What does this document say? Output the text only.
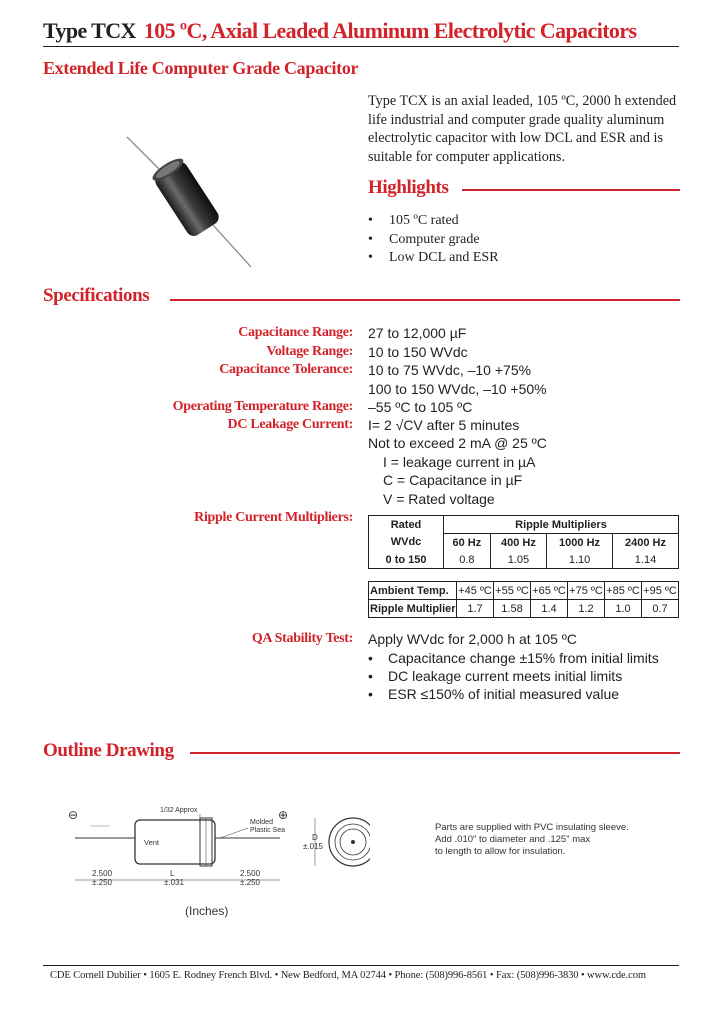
Type TCX 105 ºC, Axial Leaded Aluminum Electrolytic Capacitors
Extended Life Computer Grade Capacitor
Type TCX is an axial leaded, 105 ºC, 2000 h extended life industrial and computer grade quality aluminum electrolytic capacitor with low DCL and ESR and is suitable for computer applications.
Highlights
• 105 ºC rated
• Computer grade
• Low DCL and ESR
Specifications
Capacitance Range: 27 to 12,000 µF
Voltage Range: 10 to 150 WVdc
Capacitance Tolerance: 10 to 75 WVdc, –10 +75%
100 to 150 WVdc, –10 +50%
Operating Temperature Range: –55 ºC to 105 ºC
DC Leakage Current: I= 2 √CV after 5 minutes
Not to exceed 2 mA @ 25 ºC
I = leakage current in µA
C = Capacitance in µF
V = Rated voltage
Ripple Current Multipliers:	Rated	Ripple Multipliers			
WVdc	60 Hz	400 Hz	1000 Hz	2400 Hz
0 to 150	0.8	1.05	1.10	1.14
Ambient Temp.	+45 ºC	+55 ºC	+65 ºC	+75 ºC	+85 ºC	+95 ºC
Ripple Multiplier	1.7	1.58	1.4	1.2	1.0	0.7
QA Stability Test: Apply WVdc for 2,000 h at 105 ºC
• Capacitance change ±15% from initial limits
• DC leakage current meets initial limits
• ESR ≤150% of initial measured value
Outline Drawing
⊖	⊕
Vent
1/32 Approx
Molded
Plastic Sea
2.500
±.250
L
±.031
2.500
±.250
D
±.015
Parts are supplied with PVC insulating sleeve.
Add .010" to diameter and .125" max
to length to allow for insulation.
(Inches)
CDE Cornell Dubilier • 1605 E. Rodney French Blvd. • New Bedford, MA 02744 • Phone: (508)996-8561 • Fax: (508)996-3830 • www.cde.com
